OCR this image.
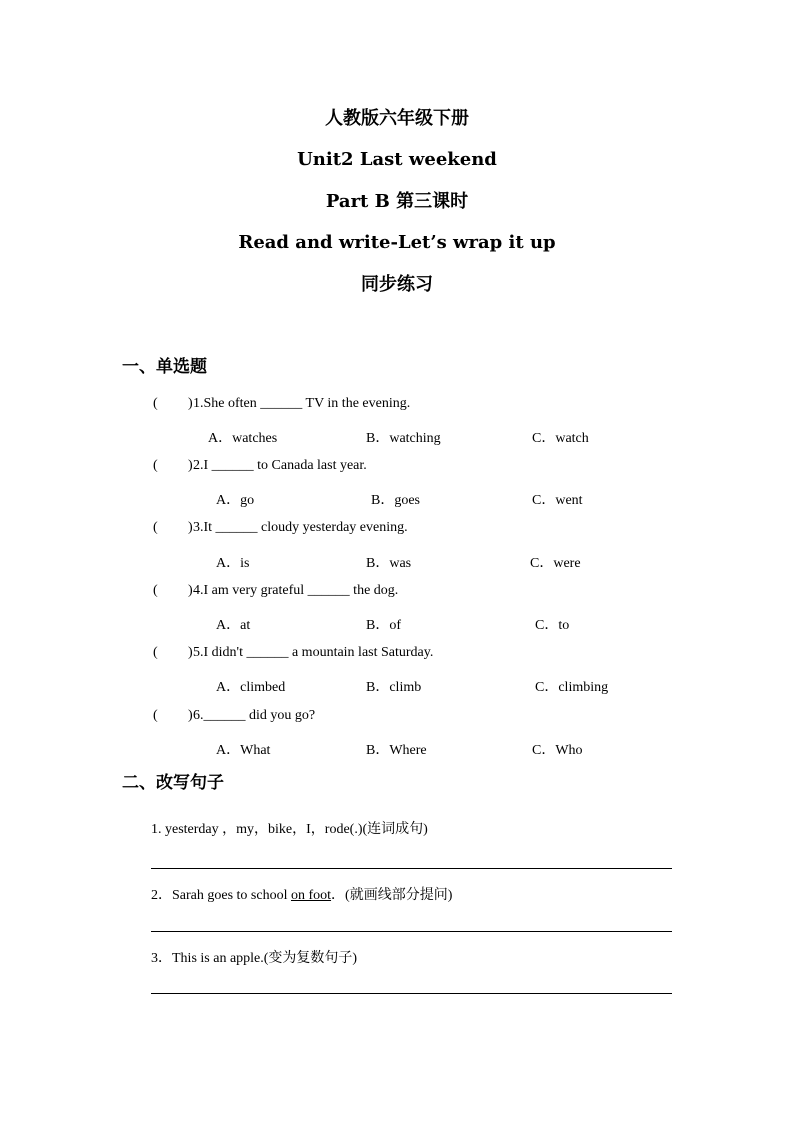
人教版六年级下册
Unit2 Last weekend
Part B 第三课时
Read and write-Let’s wrap it up
同步练习
一、单选题
( ) 1.She often ______ TV in the evening.
A．watches	B．watching	C．watch
( ) 2.I ______ to Canada last year.
A．go	B．goes	C．went
( ) 3.It ______ cloudy yesterday evening.
A．is	B．was	C．were
( ) 4.I am very grateful ______ the dog.
A．at	B．of	C．to
( ) 5.I didn't ______ a mountain last Saturday.
A．climbed	B．climb	C．climbing
( ) 6.______ did you go?
A．What	B．Where	C．Who
二、改写句子
1. yesterday ，my，bike，I，rode(.)(连词成句)
2．Sarah goes to school on foot．(就画线部分提问)
3．This is an apple.(变为复数句子)
